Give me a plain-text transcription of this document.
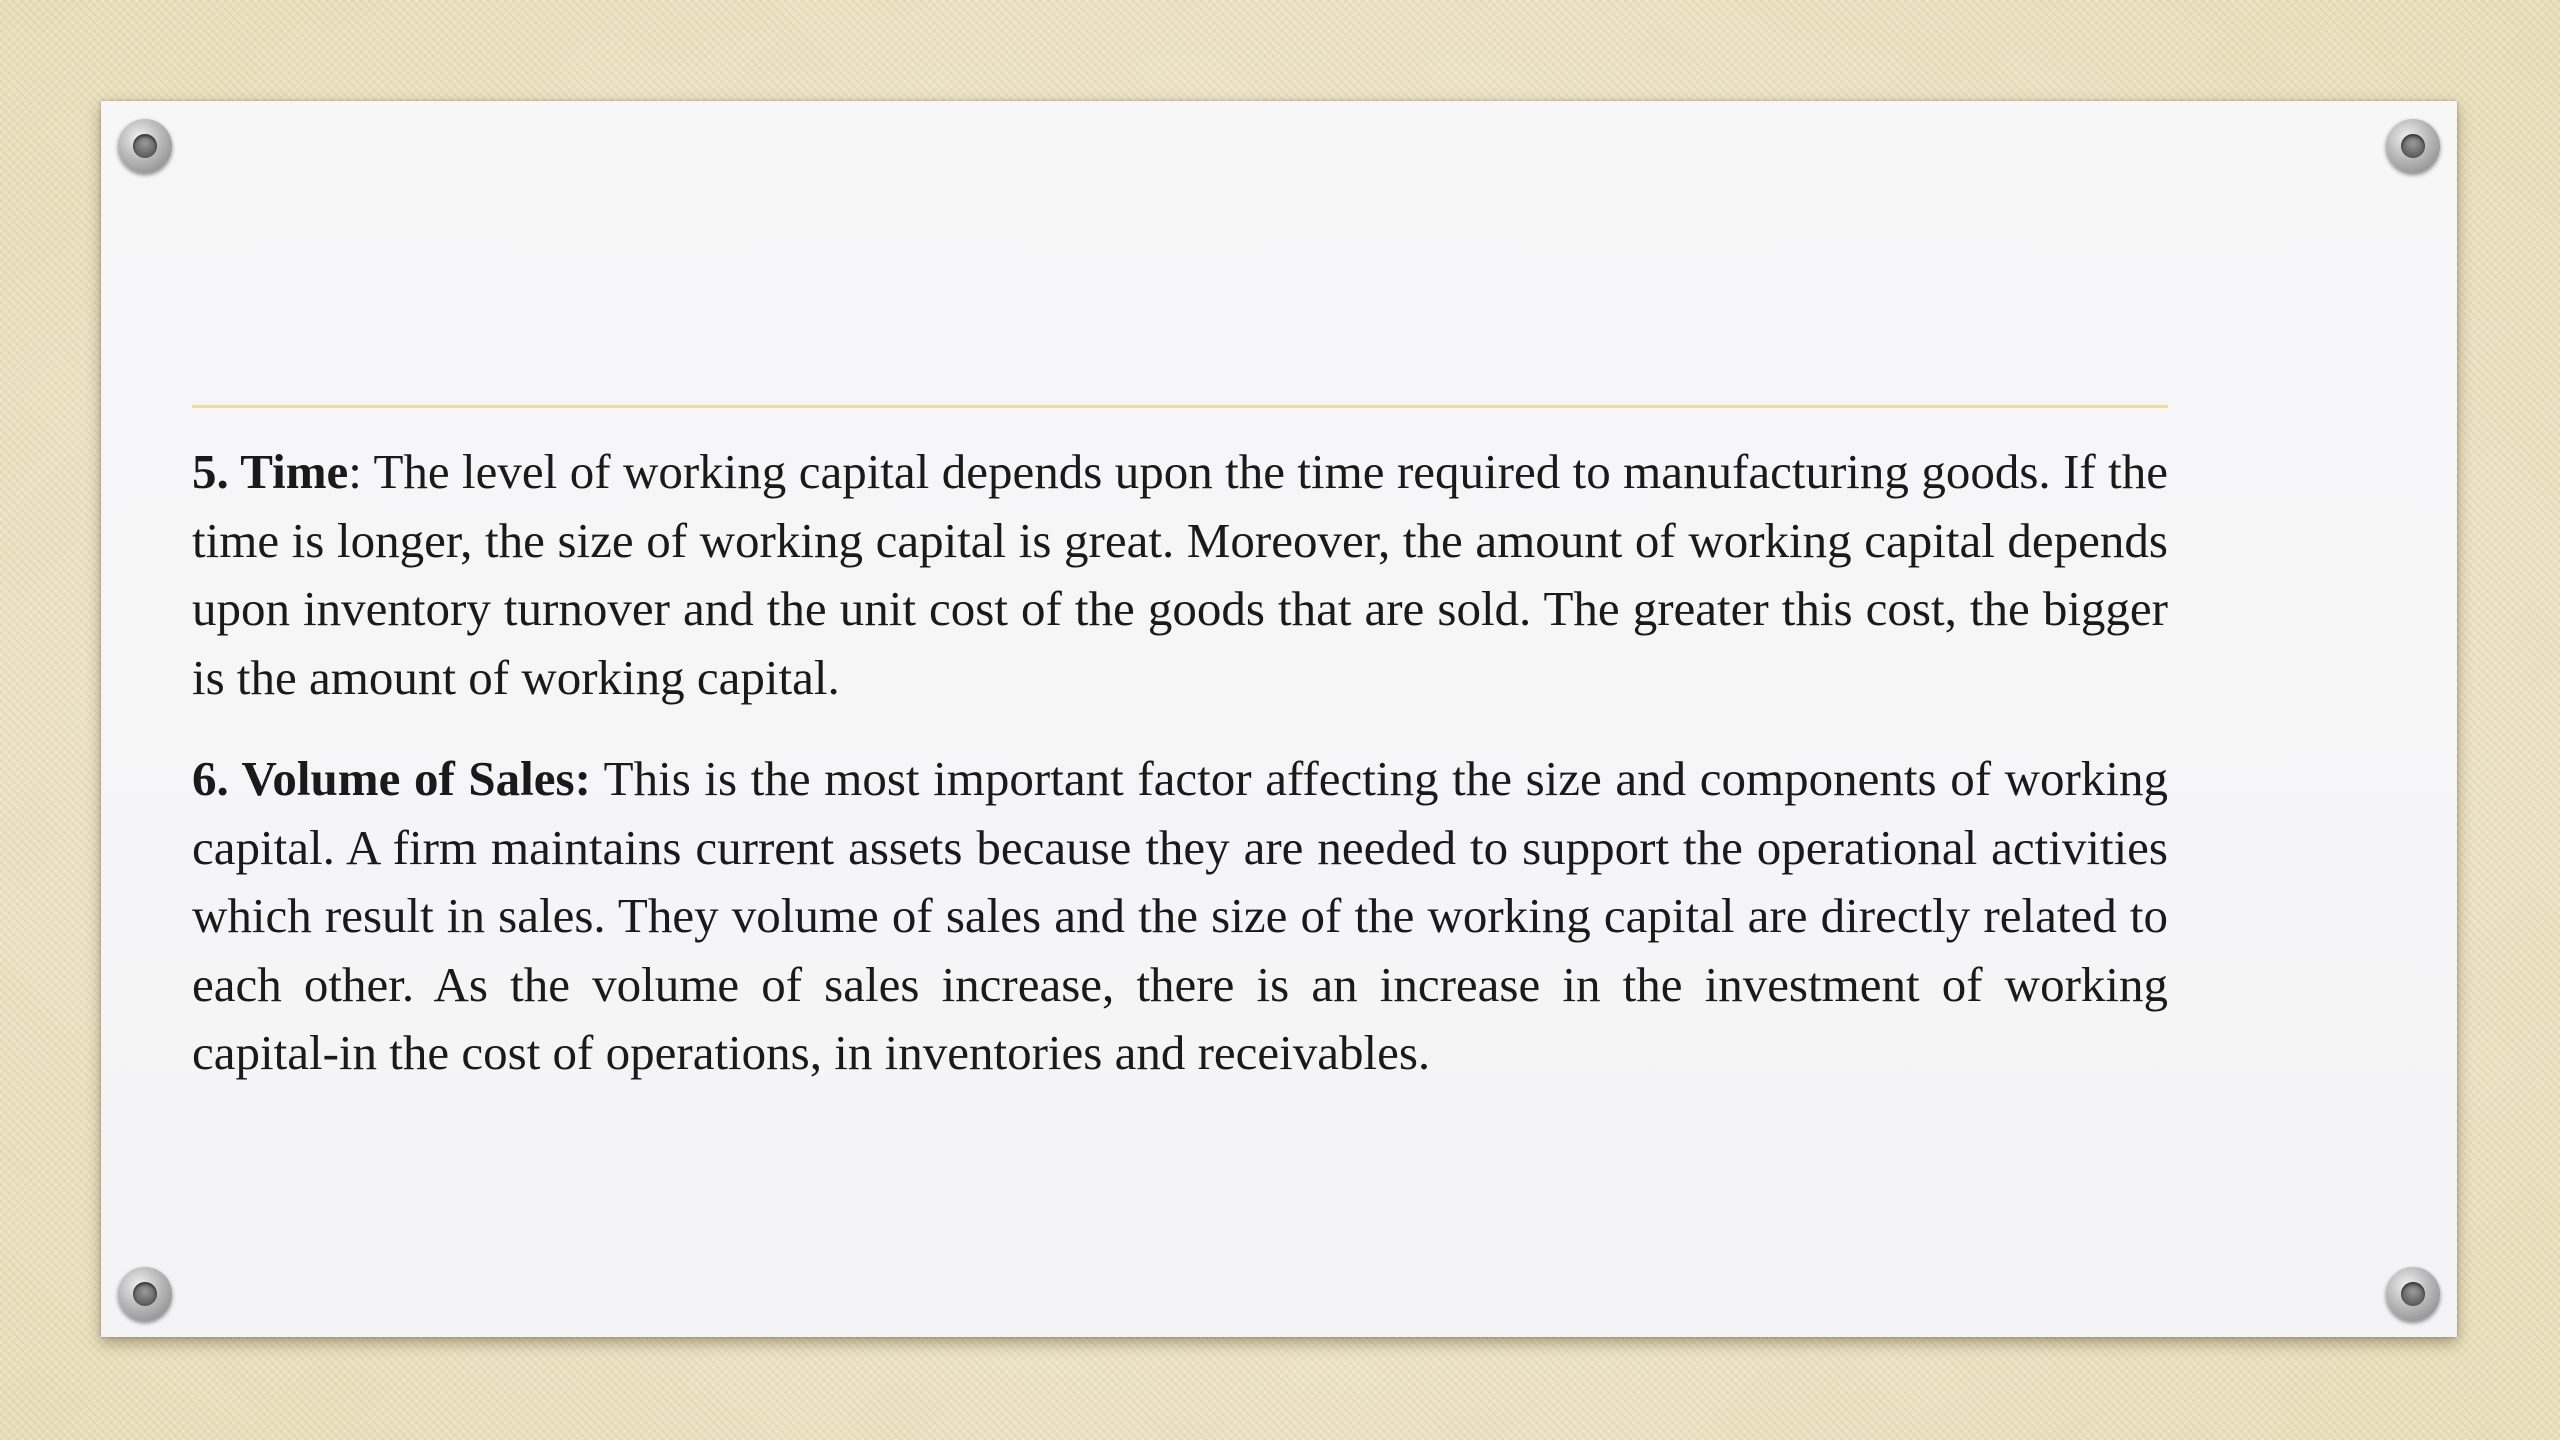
5. Time: The level of working capital depends upon the time required to manufacturing goods. If the time is longer, the size of working capital is great. Moreover, the amount of working capital depends upon inventory turnover and the unit cost of the goods that are sold. The greater this cost, the bigger is the amount of working capital.

6. Volume of Sales: This is the most important factor affecting the size and components of working capital. A firm maintains current assets because they are needed to support the operational activities which result in sales. They volume of sales and the size of the working capital are directly related to each other. As the volume of sales increase, there is an increase in the investment of working capital-in the cost of operations, in inventories and receivables.
